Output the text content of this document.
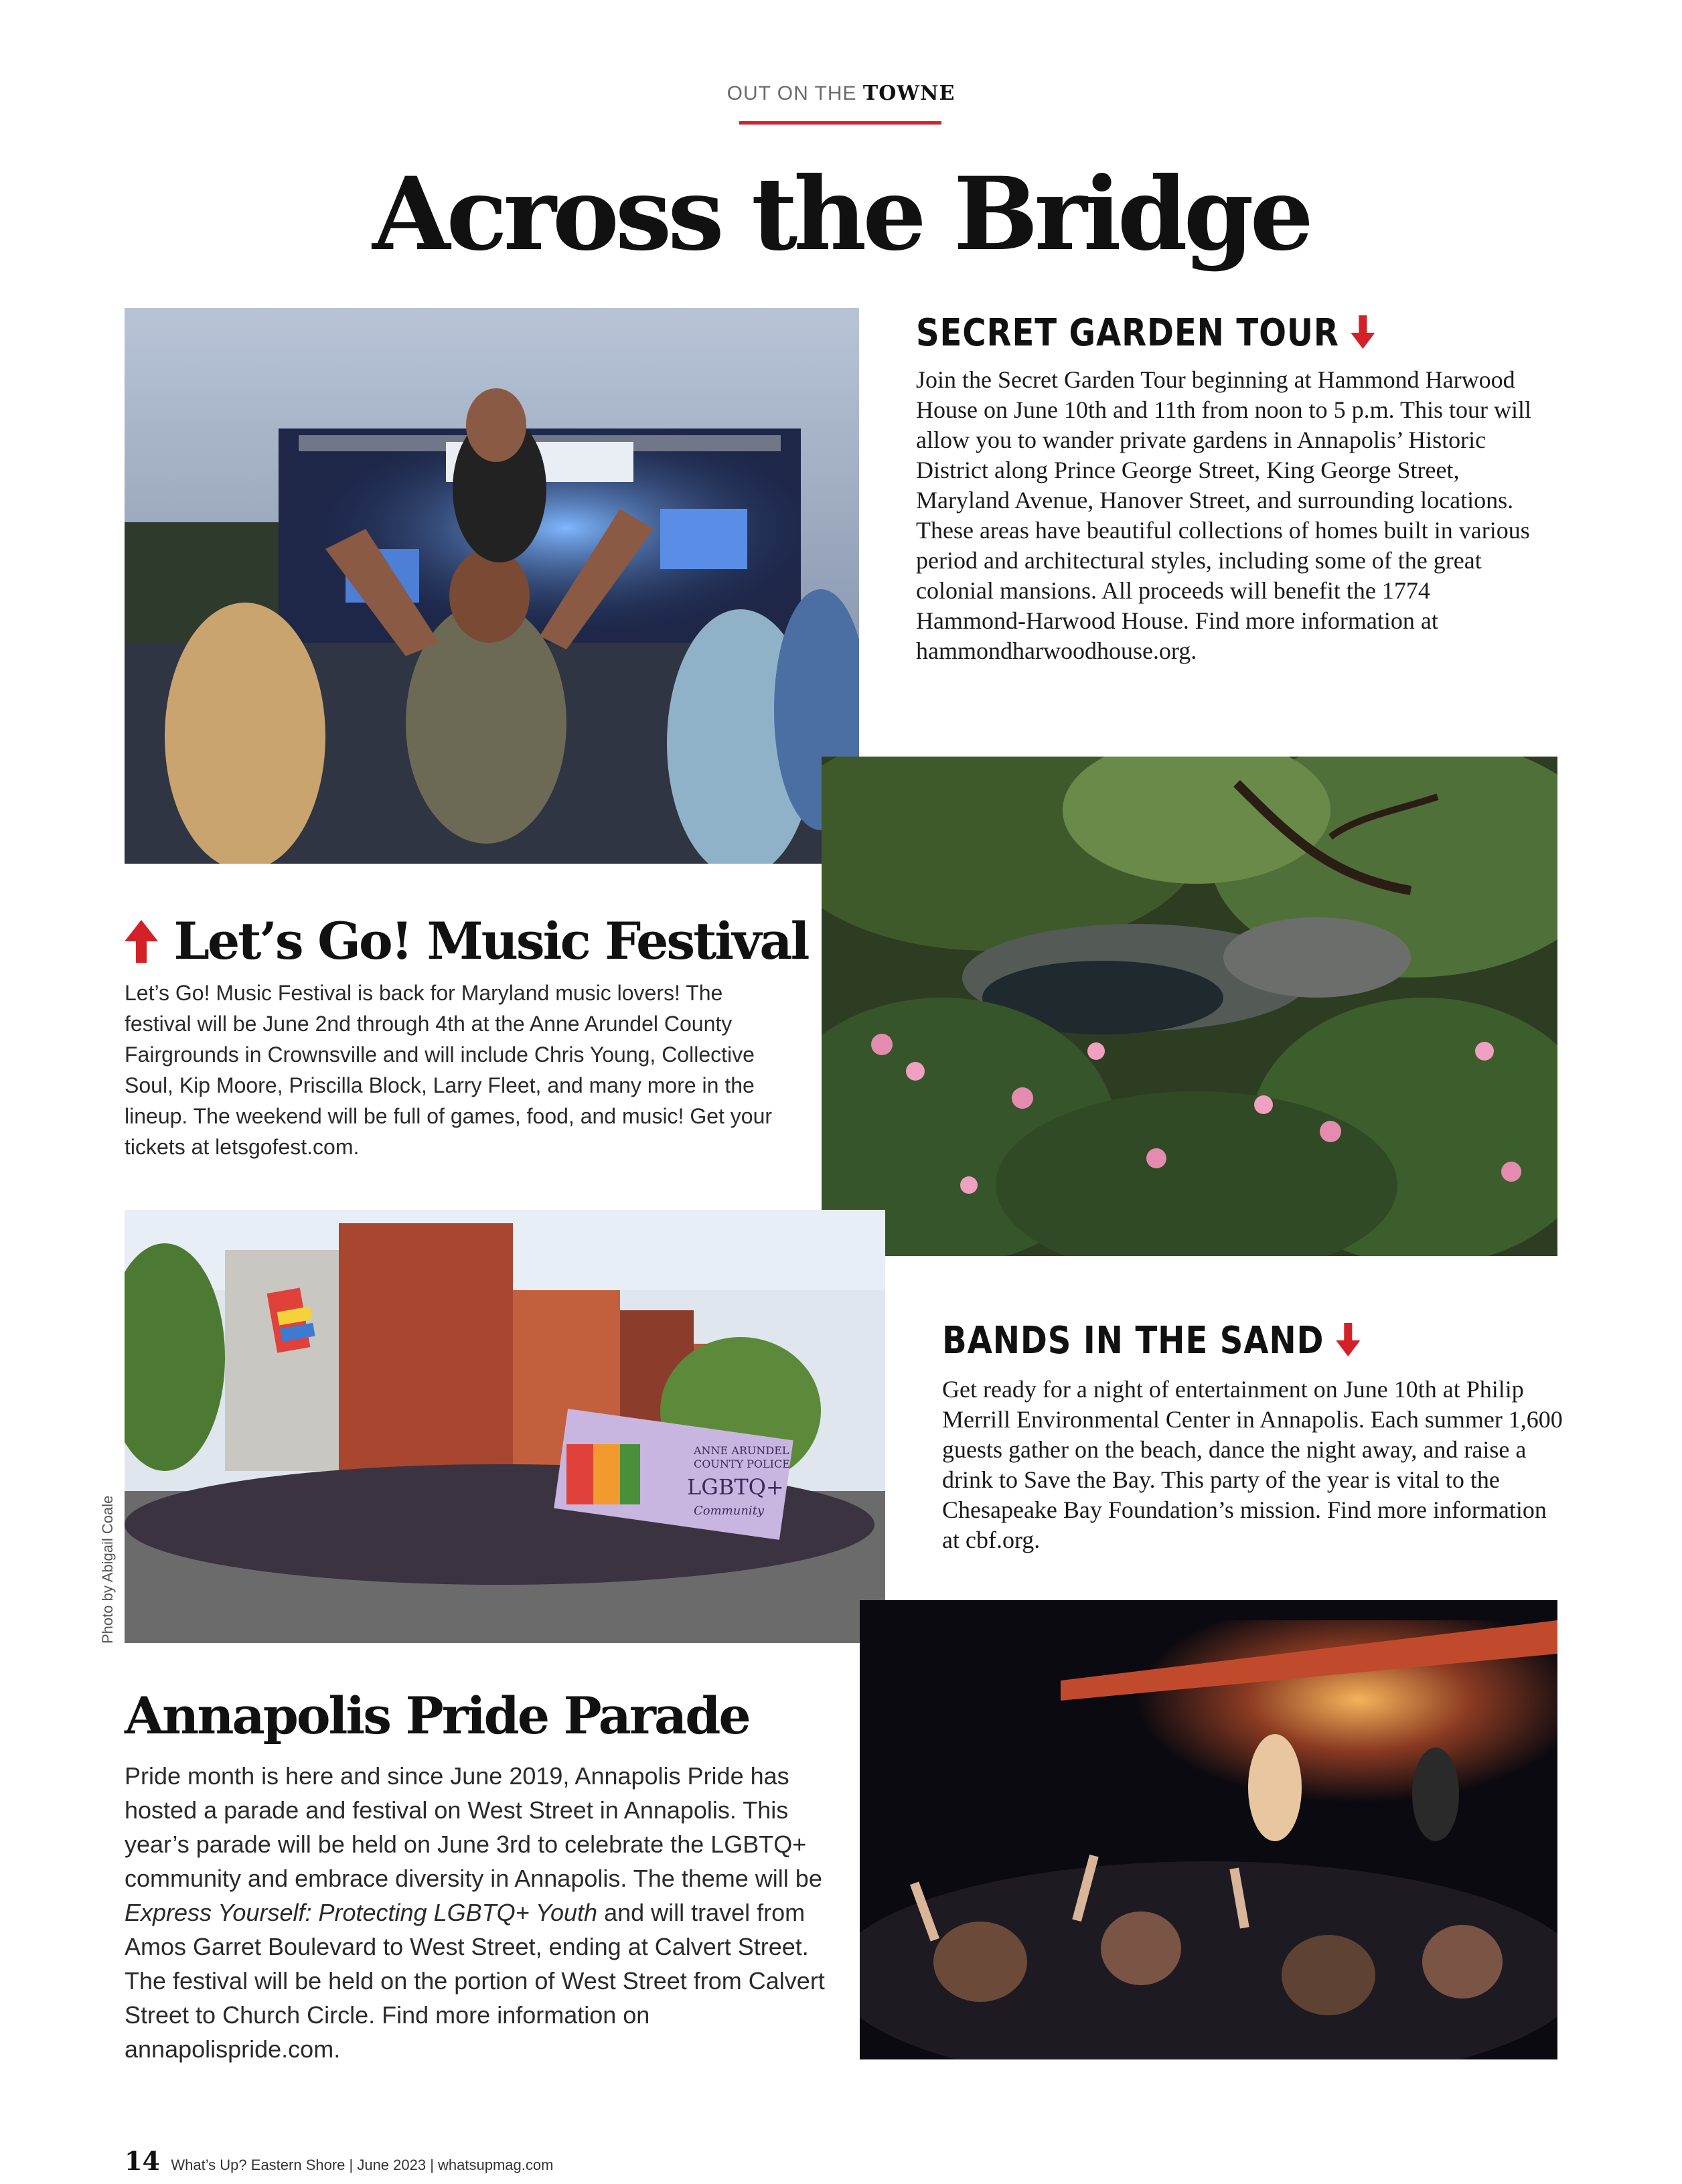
OUT ON THE TOWNE
Across the Bridge
ANNE ARUNDEL
COUNTY POLICE
LGBTQ+
Community
SECRET GARDEN TOUR
Join the Secret Garden Tour beginning at Hammond Harwood House on June 10th and 11th from noon to 5 p.m. This tour will allow you to wander private gardens in Annapolis’ Historic District along Prince George Street, King George Street, Maryland Avenue, Hanover Street, and surrounding locations. These areas have beautiful collections of homes built in various period and architectural styles, including some of the great colonial mansions. All proceeds will benefit the 1774 Hammond-Harwood House. Find more information at hammondharwoodhouse.org.
Let’s Go! Music Festival
Let’s Go! Music Festival is back for Maryland music lovers! The festival will be June 2nd through 4th at the Anne Arundel County Fairgrounds in Crownsville and will include Chris Young, Collective Soul, Kip Moore, Priscilla Block, Larry Fleet, and many more in the lineup. The weekend will be full of games, food, and music! Get your tickets at letsgofest.com.
BANDS IN THE SAND
Get ready for a night of entertainment on June 10th at Philip Merrill Environmental Center in Annapolis. Each summer 1,600 guests gather on the beach, dance the night away, and raise a drink to Save the Bay. This party of the year is vital to the Chesapeake Bay Foundation’s mission. Find more information at cbf.org.
Photo by Abigail Coale
Annapolis Pride Parade
Pride month is here and since June 2019, Annapolis Pride has hosted a parade and festival on West Street in Annapolis. This year’s parade will be held on June 3rd to celebrate the LGBTQ+ community and embrace diversity in Annapolis. The theme will be Express Yourself: Protecting LGBTQ+ Youth and will travel from Amos Garret Boulevard to West Street, ending at Calvert Street. The festival will be held on the portion of West Street from Calvert Street to Church Circle. Find more information on annapolispride.com.
14 What’s Up? Eastern Shore | June 2023 | whatsupmag.com
